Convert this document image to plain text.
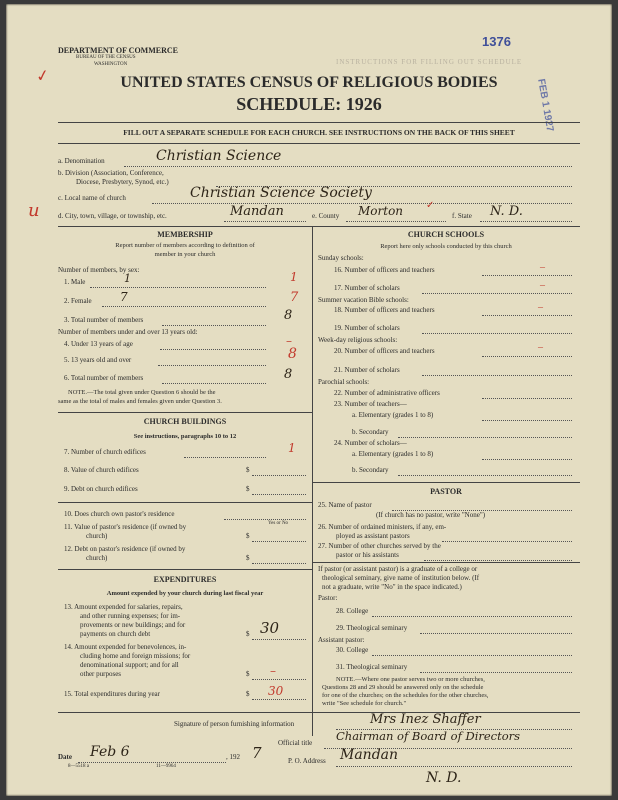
INSTRUCTIONS FOR FILLING OUT SCHEDULE
DEPARTMENT OF COMMERCE
BUREAU OF THE CENSUS
WASHINGTON
1376
FEB 1 1927
✓	UNITED STATES CENSUS OF RELIGIOUS BODIES
SCHEDULE: 1926
FILL OUT A SEPARATE SCHEDULE FOR EACH CHURCH. SEE INSTRUCTIONS ON THE BACK OF THIS SHEET
a. Denomination	Christian Science
b. Division (Association, Conference,
Diocese, Presbytery, Synod, etc.)
c. Local name of church	Christian Science Society
u	d. City, town, village, or township, etc.	Mandan	e. County Morton ✓
f. State N. D.
MEMBERSHIP
Report number of members according to definition of
member in your church
Number of members, by sex:
1. Male	1	1
2. Female 7	7
3. Total number of members	8
Number of members under and over 13 years old:
4. Under 13 years of age	–
5. 13 years old and over	8
6. Total number of members	8
NOTE.—The total given under Question 6 should be the
same as the total of males and females given under Question 3.
CHURCH BUILDINGS
See instructions, paragraphs 10 to 12
7. Number of church edifices	1
8. Value of church edifices	$
9. Debt on church edifices	$
10. Does church own pastor's residence
Yes or No
11. Value of pastor's residence (if owned by
church)	$
12. Debt on pastor's residence (if owned by
church)	$
EXPENDITURES
Amount expended by your church during last fiscal year
13. Amount expended for salaries, repairs,
and other running expenses; for im-
provements or new buildings; and for
payments on church debt	$ 30
14. Amount expended for benevolences, in-
cluding home and foreign missions; for
denominational support; and for all
other purposes	$ –
15. Total expenditures during year	$ 30
CHURCH SCHOOLS
Report here only schools conducted by this church
Sunday schools:
16. Number of officers and teachers	–
17. Number of scholars	–
Summer vacation Bible schools:
18. Number of officers and teachers	–
19. Number of scholars
Week-day religious schools:
20. Number of officers and teachers	–
21. Number of scholars
Parochial schools:
22. Number of administrative officers
23. Number of teachers—
a. Elementary (grades 1 to 8)
b. Secondary
24. Number of scholars—
a. Elementary (grades 1 to 8)
b. Secondary
PASTOR
25. Name of pastor
(If church has no pastor, write "None")
26. Number of ordained ministers, if any, em-
ployed as assistant pastors
27. Number of other churches served by the
pastor or his assistants
If pastor (or assistant pastor) is a graduate of a college or
theological seminary, give name of institution below. (If
not a graduate, write "No" in the space indicated.)
Pastor:
28. College
29. Theological seminary
Assistant pastor:
30. College
31. Theological seminary
NOTE.—Where one pastor serves two or more churches,
Questions 28 and 29 should be answered only on the schedule
for one of the churches; on the schedules for the other churches,
write "See schedule for church."
Signature of person furnishing information	Mrs Inez Shaffer
Official title Chairman of Board of Directors
Date Feb 6	, 192 7
8—5518 a	11—9964
P. O. Address Mandan
N. D.
